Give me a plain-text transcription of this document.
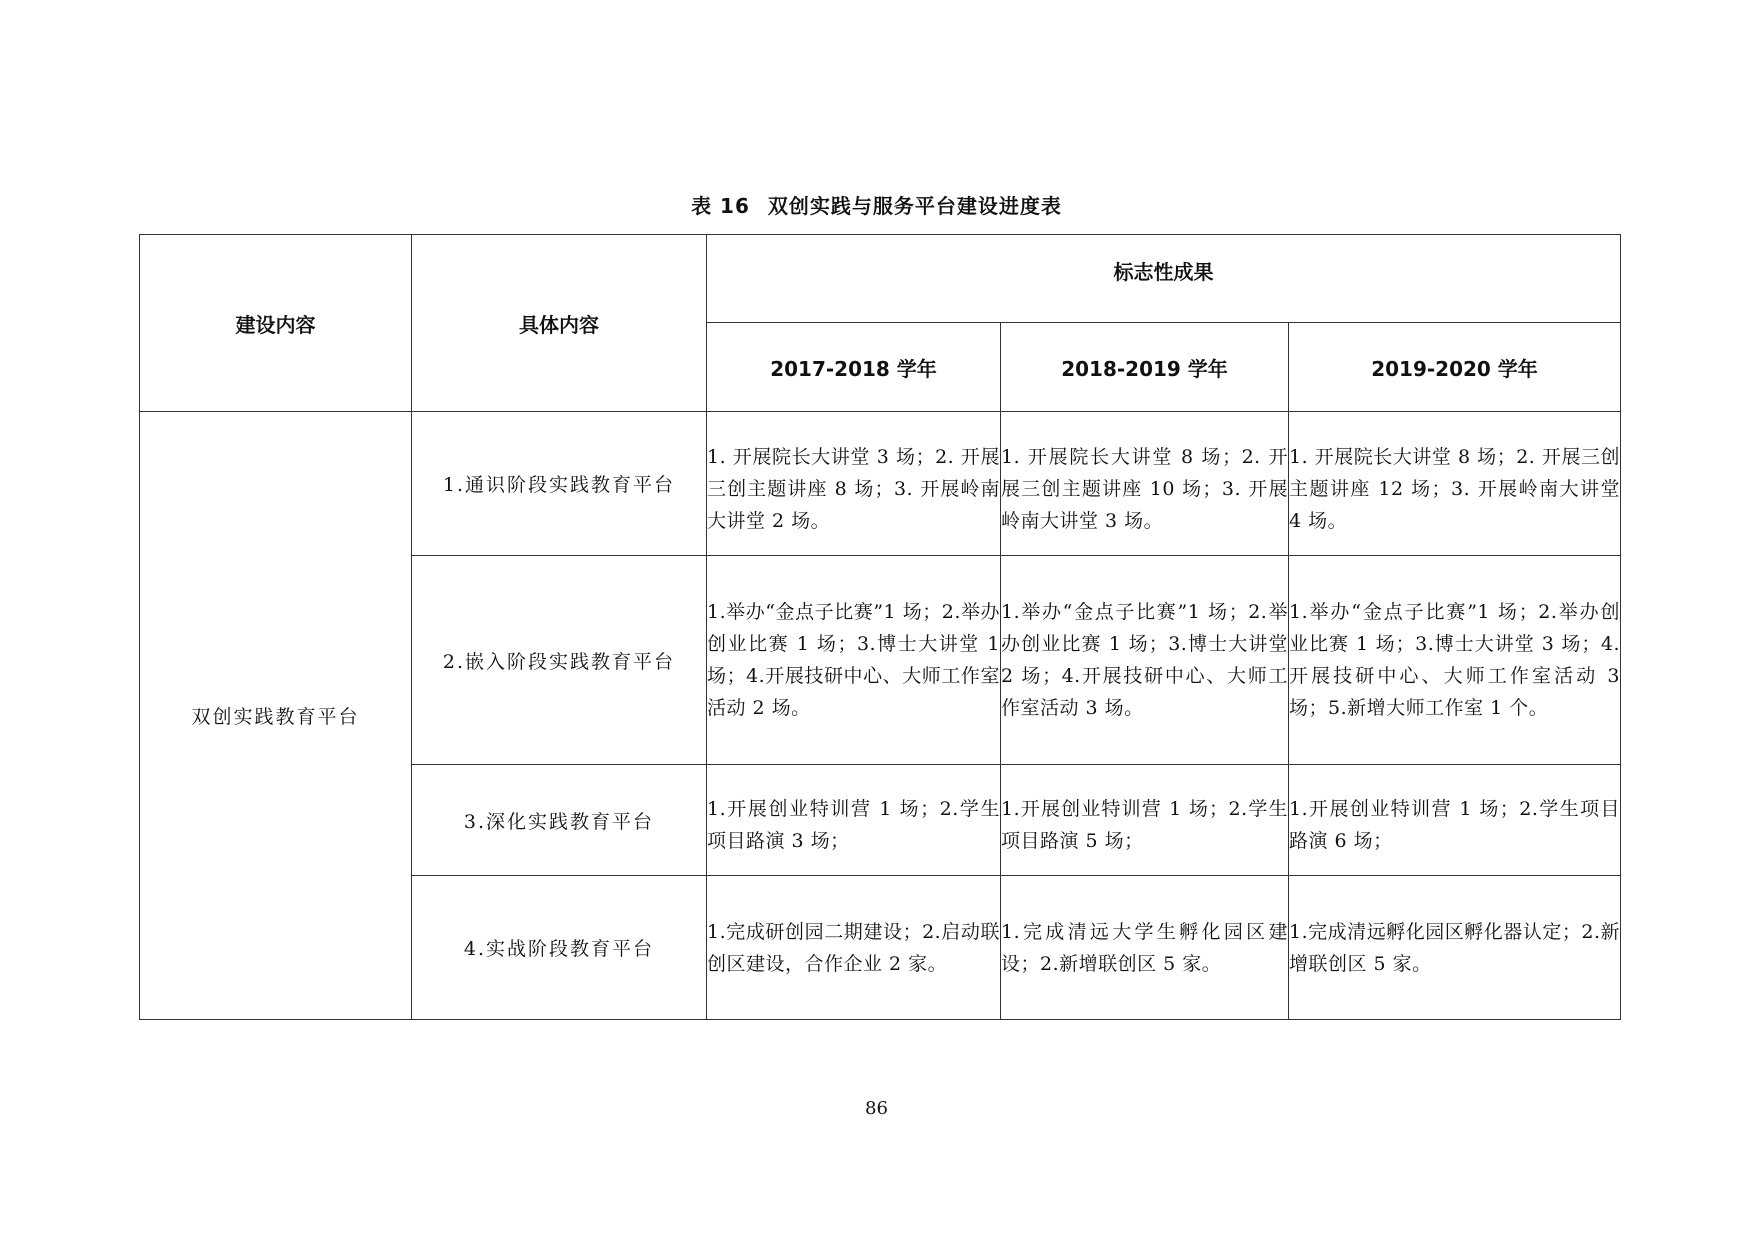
表 16 双创实践与服务平台建设进度表
建设内容	具体内容	标志性成果		
		2017-2018 学年	2018-2019 学年	2019-2020 学年
双创实践教育平台	1.通识阶段实践教育平台	1. 开展院长大讲堂 3 场；2. 开展三创主题讲座 8 场；3. 开展岭南大讲堂 2 场。	1. 开展院长大讲堂 8 场；2. 开展三创主题讲座 10 场；3. 开展岭南大讲堂 3 场。	1. 开展院长大讲堂 8 场；2. 开展三创主题讲座 12 场；3. 开展岭南大讲堂 4 场。
	2.嵌入阶段实践教育平台	1.举办“金点子比赛”1 场；2.举办创业比赛 1 场；3.博士大讲堂 1 场；4.开展技研中心、大师工作室活动 2 场。	1.举办“金点子比赛”1 场；2.举办创业比赛 1 场；3.博士大讲堂 2 场；4.开展技研中心、大师工作室活动 3 场。	1.举办“金点子比赛”1 场；2.举办创业比赛 1 场；3.博士大讲堂 3 场；4.开展技研中心、大师工作室活动 3 场；5.新增大师工作室 1 个。
	3.深化实践教育平台	1.开展创业特训营 1 场；2.学生项目路演 3 场；	1.开展创业特训营 1 场；2.学生项目路演 5 场；	1.开展创业特训营 1 场；2.学生项目路演 6 场；
	4.实战阶段教育平台	1.完成研创园二期建设；2.启动联创区建设，合作企业 2 家。	1.完成清远大学生孵化园区建设；2.新增联创区 5 家。	1.完成清远孵化园区孵化器认定；2.新增联创区 5 家。
86
